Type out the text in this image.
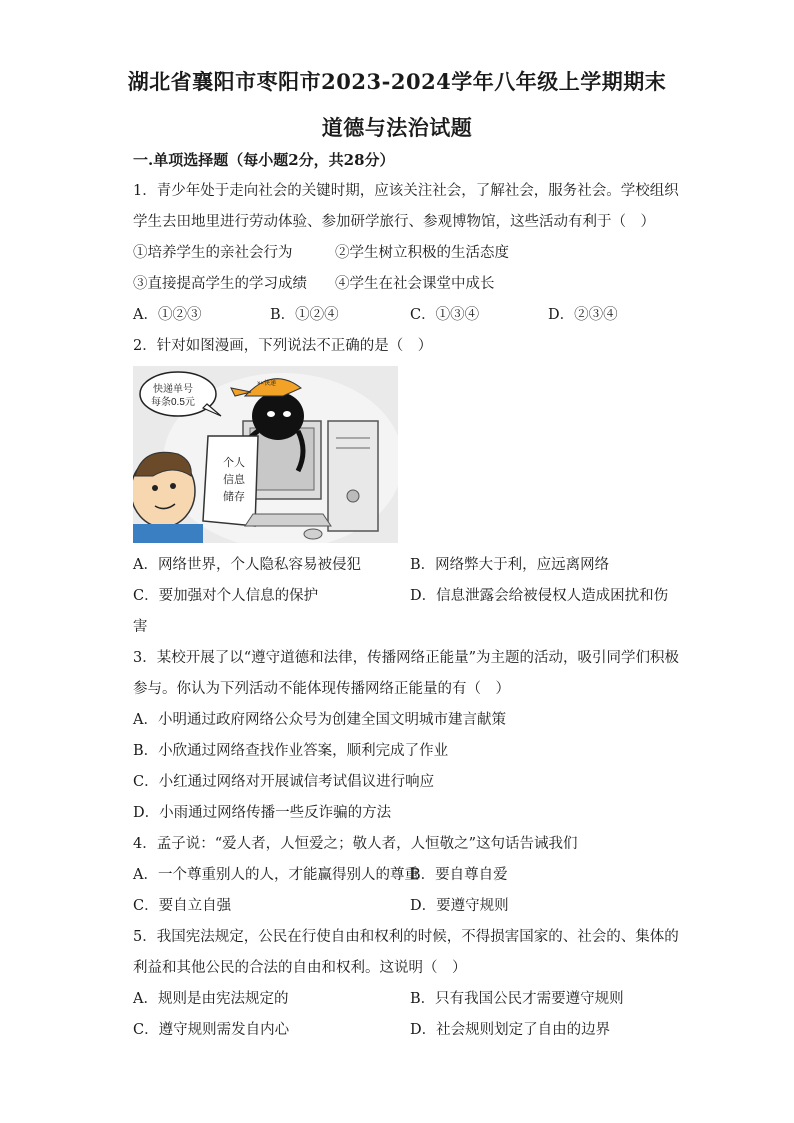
湖北省襄阳市枣阳市2023-2024学年八年级上学期期末
道德与法治试题
一.单项选择题（每小题2分，共28分）
1．青少年处于走向社会的关键时期，应该关注社会，了解社会，服务社会。学校组织
学生去田地里进行劳动体验、参加研学旅行、参观博物馆，这些活动有利于（　）
①培养学生的亲社会行为	②学生树立积极的生活态度
③直接提高学生的学习成绩 ④学生在社会课堂中成长
A．①②③	B．①②④	C．①③④	D．②③④
2．针对如图漫画，下列说法不正确的是（　）
快递单号
每条0.5元
××快递
个人
信息
储存
A．网络世界，个人隐私容易被侵犯	B．网络弊大于利，应远离网络
C．要加强对个人信息的保护	D．信息泄露会给被侵权人造成困扰和伤
害
3．某校开展了以“遵守道德和法律，传播网络正能量”为主题的活动，吸引同学们积极
参与。你认为下列活动不能体现传播网络正能量的有（　）
A．小明通过政府网络公众号为创建全国文明城市建言献策
B．小欣通过网络查找作业答案，顺利完成了作业
C．小红通过网络对开展诚信考试倡议进行响应
D．小雨通过网络传播一些反诈骗的方法
4．孟子说：“爱人者，人恒爱之；敬人者，人恒敬之”这句话告诫我们
A．一个尊重别人的人，才能赢得别人的尊重
B．要自尊自爱
C．要自立自强	D．要遵守规则
5．我国宪法规定，公民在行使自由和权利的时候，不得损害国家的、社会的、集体的
利益和其他公民的合法的自由和权利。这说明（　）
A．规则是由宪法规定的	B．只有我国公民才需要遵守规则
C．遵守规则需发自内心	D．社会规则划定了自由的边界
